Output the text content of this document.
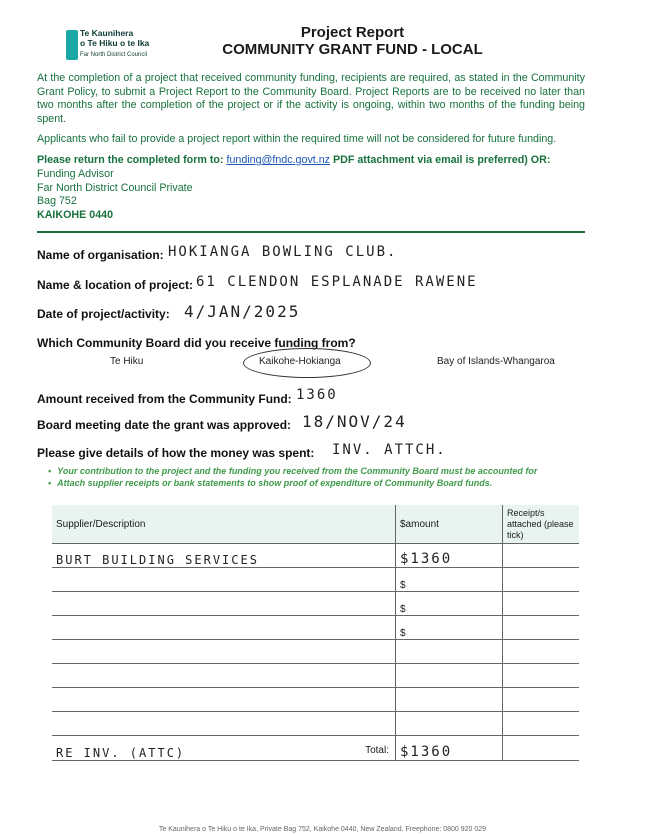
Te Kaunihera
o Te Hiku o te Ika
Far North District Council
Project Report
COMMUNITY GRANT FUND - LOCAL
At the completion of a project that received community funding, recipients are required, as stated in the Community Grant Policy, to submit a Project Report to the Community Board. Project Reports are to be received no later than two months after the completion of the project or if the activity is ongoing, within two months of the funding being spent.
Applicants who fail to provide a project report within the required time will not be considered for future funding.
Please return the completed form to: funding@fndc.govt.nz PDF attachment via email is preferred) OR:
Funding Advisor
Far North District Council Private
Bag 752
KAIKOHE 0440
Name of organisation: HOKIANGA BOWLING CLUB.
Name & location of project: 61 CLENDON ESPLANADE RAWENE
Date of project/activity: 4/JAN/2025
Which Community Board did you receive funding from?
Te Hiku	Kaikohe-Hokianga	Bay of Islands-Whangaroa
Amount received from the Community Fund: 1360
Board meeting date the grant was approved: 18/NOV/24
Please give details of how the money was spent: INV. ATTCH.
• Your contribution to the project and the funding you received from the Community Board must be accounted for
• Attach supplier receipts or bank statements to show proof of expenditure of Community Board funds.
Supplier/Description	$amount	Receipt/s attached (please tick)
BURT BUILDING SERVICES	$1360	
	$	
	$	
	$	

RE INV. (ATTC) Total:	$1360	
Te Kaunihera o Te Hiku o te Ika, Private Bag 752, Kaikohe 0440, New Zealand. Freephone: 0800 920 029
